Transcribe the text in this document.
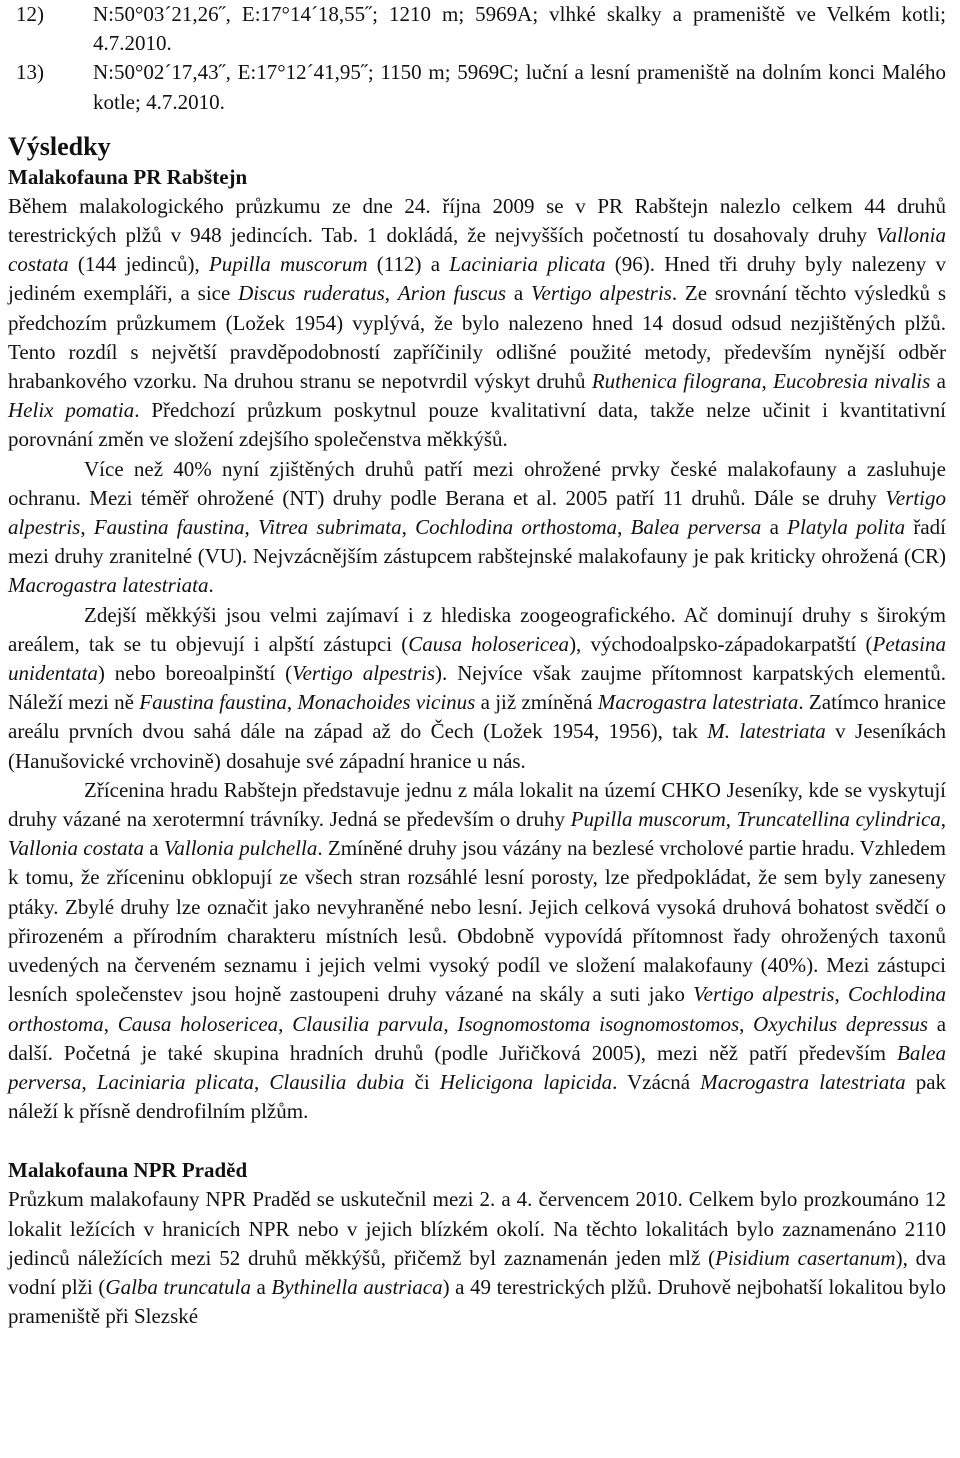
12) N:50°03´21,26˝, E:17°14´18,55˝; 1210 m; 5969A; vlhké skalky a prameniště ve Velkém kotli; 4.7.2010.
13) N:50°02´17,43˝, E:17°12´41,95˝; 1150 m; 5969C; luční a lesní prameniště na dolním konci Malého kotle; 4.7.2010.
Výsledky
Malakofauna PR Rabštejn

Během malakologického průzkumu ze dne 24. října 2009 se v PR Rabštejn nalezlo celkem 44 druhů terestrických plžů v 948 jedincích. Tab. 1 dokládá, že nejvyšších početností tu dosahovaly druhy Vallonia costata (144 jedinců), Pupilla muscorum (112) a Laciniaria plicata (96). Hned tři druhy byly nalezeny v jediném exempláři, a sice Discus ruderatus, Arion fuscus a Vertigo alpestris. Ze srovnání těchto výsledků s předchozím průzkumem (Ložek 1954) vyplývá, že bylo nalezeno hned 14 dosud odsud nezjištěných plžů. Tento rozdíl s největší pravděpodobností zapříčinily odlišné použité metody, především nynější odběr hrabankového vzorku. Na druhou stranu se nepotvrdil výskyt druhů Ruthenica filograna, Eucobresia nivalis a Helix pomatia. Předchozí průzkum poskytnul pouze kvalitativní data, takže nelze učinit i kvantitativní porovnání změn ve složení zdejšího společenstva měkkýšů.

Více než 40% nyní zjištěných druhů patří mezi ohrožené prvky české malakofauny a zasluhuje ochranu. Mezi téměř ohrožené (NT) druhy podle Berana et al. 2005 patří 11 druhů. Dále se druhy Vertigo alpestris, Faustina faustina, Vitrea subrimata, Cochlodina orthostoma, Balea perversa a Platyla polita řadí mezi druhy zranitelné (VU). Nejvzácnějším zástupcem rabštejnské malakofauny je pak kriticky ohrožená (CR) Macrogastra latestriata.

Zdejší měkkýši jsou velmi zajímaví i z hlediska zoogeografického. Ač dominují druhy s širokým areálem, tak se tu objevují i alpští zástupci (Causa holosericea), východoalpsko-západokarpatští (Petasina unidentata) nebo boreoalpinští (Vertigo alpestris). Nejvíce však zaujme přítomnost karpatských elementů. Náleží mezi ně Faustina faustina, Monachoides vicinus a již zmíněná Macrogastra latestriata. Zatímco hranice areálu prvních dvou sahá dále na západ až do Čech (Ložek 1954, 1956), tak M. latestriata v Jeseníkách (Hanušovické vrchovině) dosahuje své západní hranice u nás.

Zřícenina hradu Rabštejn představuje jednu z mála lokalit na území CHKO Jeseníky, kde se vyskytují druhy vázané na xerotermní trávníky. Jedná se především o druhy Pupilla muscorum, Truncatellina cylindrica, Vallonia costata a Vallonia pulchella. Zmíněné druhy jsou vázány na bezlesé vrcholové partie hradu. Vzhledem k tomu, že zříceninu obklopují ze všech stran rozsáhlé lesní porosty, lze předpokládat, že sem byly zaneseny ptáky. Zbylé druhy lze označit jako nevyhraněné nebo lesní. Jejich celková vysoká druhová bohatost svědčí o přirozeném a přírodním charakteru místních lesů. Obdobně vypovídá přítomnost řady ohrožených taxonů uvedených na červeném seznamu i jejich velmi vysoký podíl ve složení malakofauny (40%). Mezi zástupci lesních společenstev jsou hojně zastoupeni druhy vázané na skály a suti jako Vertigo alpestris, Cochlodina orthostoma, Causa holosericea, Clausilia parvula, Isognomostoma isognomostomos, Oxychilus depressus a další. Početná je také skupina hradních druhů (podle Juřičková 2005), mezi něž patří především Balea perversa, Laciniaria plicata, Clausilia dubia či Helicigona lapicida. Vzácná Macrogastra latestriata pak náleží k přísně dendrofilním plžům.

Malakofauna NPR Praděd

Průzkum malakofauny NPR Praděd se uskutečnil mezi 2. a 4. červencem 2010. Celkem bylo prozkoumáno 12 lokalit ležících v hranicích NPR nebo v jejich blízkém okolí. Na těchto lokalitách bylo zaznamenáno 2110 jedinců náležících mezi 52 druhů měkkýšů, přičemž byl zaznamenán jeden mlž (Pisidium casertanum), dva vodní plži (Galba truncatula a Bythinella austriaca) a 49 terestrických plžů. Druhově nejbohatší lokalitou bylo prameniště při Slezské
